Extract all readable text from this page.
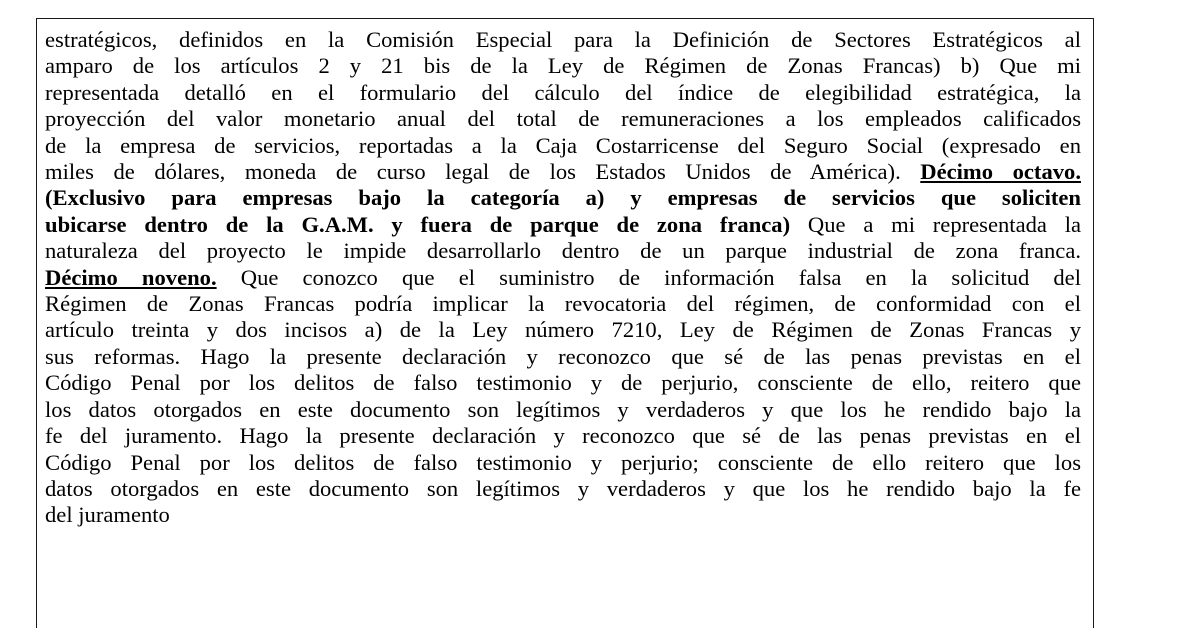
estratégicos, definidos en la Comisión Especial para la Definición de Sectores Estratégicos al
amparo de los artículos 2 y 21 bis de la Ley de Régimen de Zonas Francas) b) Que mi
representada detalló en el formulario del cálculo del índice de elegibilidad estratégica, la
proyección del valor monetario anual del total de remuneraciones a los empleados calificados
de la empresa de servicios, reportadas a la Caja Costarricense del Seguro Social (expresado en
miles de dólares, moneda de curso legal de los Estados Unidos de América). Décimo octavo.
(Exclusivo para empresas bajo la categoría a) y empresas de servicios que soliciten
ubicarse dentro de la G.A.M. y fuera de parque de zona franca) Que a mi representada la
naturaleza del proyecto le impide desarrollarlo dentro de un parque industrial de zona franca.
Décimo noveno. Que conozco que el suministro de información falsa en la solicitud del
Régimen de Zonas Francas podría implicar la revocatoria del régimen, de conformidad con el
artículo treinta y dos incisos a) de la Ley número 7210, Ley de Régimen de Zonas Francas y
sus reformas. Hago la presente declaración y reconozco que sé de las penas previstas en el
Código Penal por los delitos de falso testimonio y de perjurio, consciente de ello, reitero que
los datos otorgados en este documento son legítimos y verdaderos y que los he rendido bajo la
fe del juramento. Hago la presente declaración y reconozco que sé de las penas previstas en el
Código Penal por los delitos de falso testimonio y perjurio; consciente de ello reitero que los
datos otorgados en este documento son legítimos y verdaderos y que los he rendido bajo la fe
del juramento
